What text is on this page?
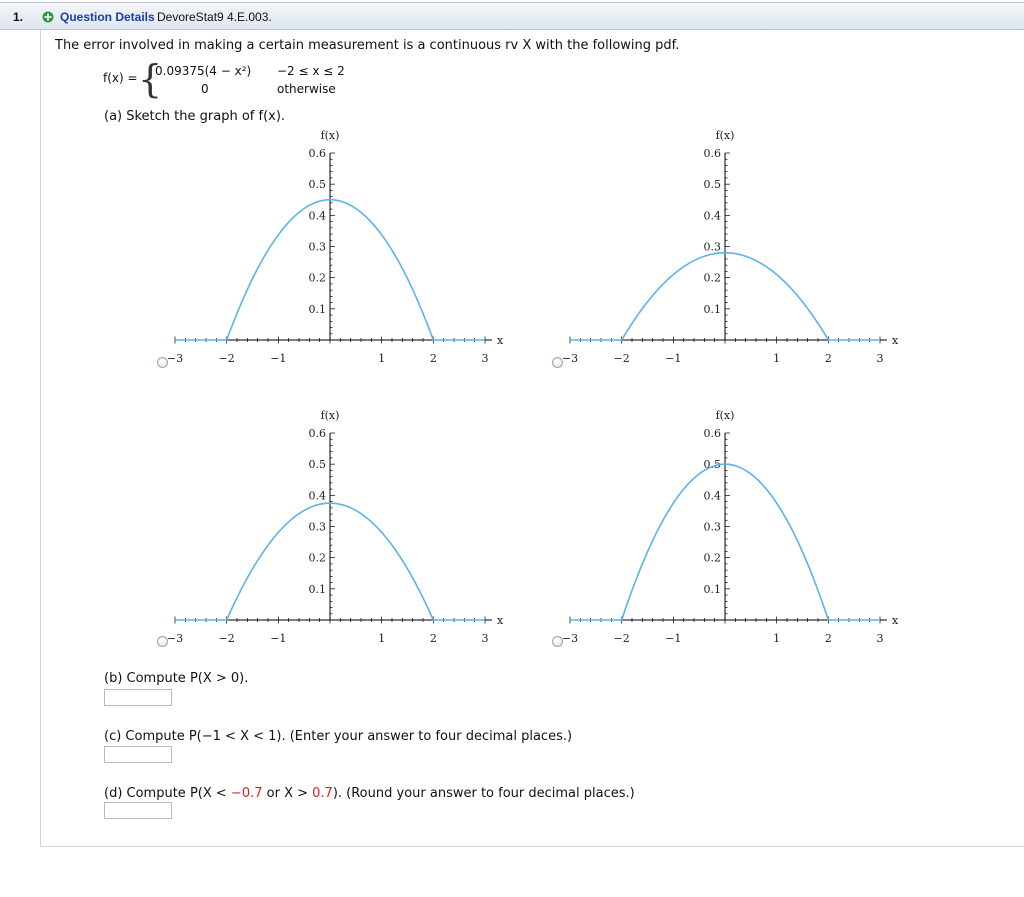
1.	Question Details DevoreStat9 4.E.003.
The error involved in making a certain measurement is a continuous rv X with the following pdf.
f(x) = {
0.09375(4 − x²) −2 ≤ x ≤ 2
0	otherwise
(a) Sketch the graph of f(x).
−3	−2	−1	1	2	3
0.1
0.2
0.3
0.4
0.5
0.6
f(x)
x
−3	−2	−1	1	2	3
0.1
0.2
0.3
0.4
0.5
0.6
f(x)
x
−3	−2	−1	1	2	3
0.1
0.2
0.3
0.4
0.5
0.6
f(x)
x
−3	−2	−1	1	2	3
0.1
0.2
0.3
0.4
0.5
0.6
f(x)
x
(b) Compute P(X > 0).
(c) Compute P(−1 < X < 1). (Enter your answer to four decimal places.)
(d) Compute P(X < −0.7 or X > 0.7). (Round your answer to four decimal places.)
